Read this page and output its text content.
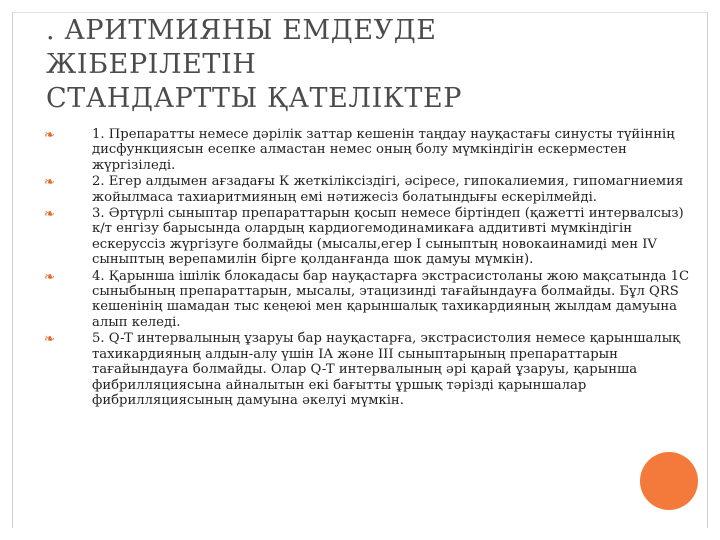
. АРИТМИЯНЫ ЕМДЕУДЕ
ЖІБЕРІЛЕТІН
СТАНДАРТТЫ ҚАТЕЛІКТЕР
❧	1. Препаратты немесе дәрілік заттар кешенін таңдау науқастағы синусты түйіннің дисфункциясын есепке алмастан немес оның болу мүмкіндігін ескерместен жүргізіледі.
❧	2. Егер алдымен ағзадағы К жеткіліксіздігі, әсіресе, гипокалиемия, гипомагниемия жойылмаса тахиаритмияның емі нәтижесіз болатындығы ескерілмейді.
❧	3. Әртүрлі сыныптар препараттарын қосып немесе біртіндеп (қажетті интервалсыз) к/т енгізу барысында олардың кардиогемодинамикаға аддитивті мүмкіндігін ескеруссіз жүргізуге болмайды (мысалы,егер I сыныптың новокаинамиді мен IV сыныптың верепамилін бірге қолданғанда шок дамуы мүмкін).
❧	4. Қарынша ішілік блокадасы бар науқастарға экстрасистоланы жою мақсатында 1С сыныбының препараттарын, мысалы, этацизинді тағайындауға болмайды. Бұл QRS кешенінің шамадан тыс кеңеюі мен қарыншалық тахикардияның жылдам дамуына алып келеді.
❧	5. Q-T интервалының ұзаруы бар науқастарға, экстрасистолия немесе қарыншалық тахикардияның алдын-алу үшін IA және III сыныптарының препараттарын тағайындауға болмайды. Олар Q-T интервалының әрі қарай ұзаруы, қарынша фибрилляциясына айналытын екі бағытты ұршық тәрізді қарыншалар фибрилляциясының дамуына әкелуі мүмкін.
